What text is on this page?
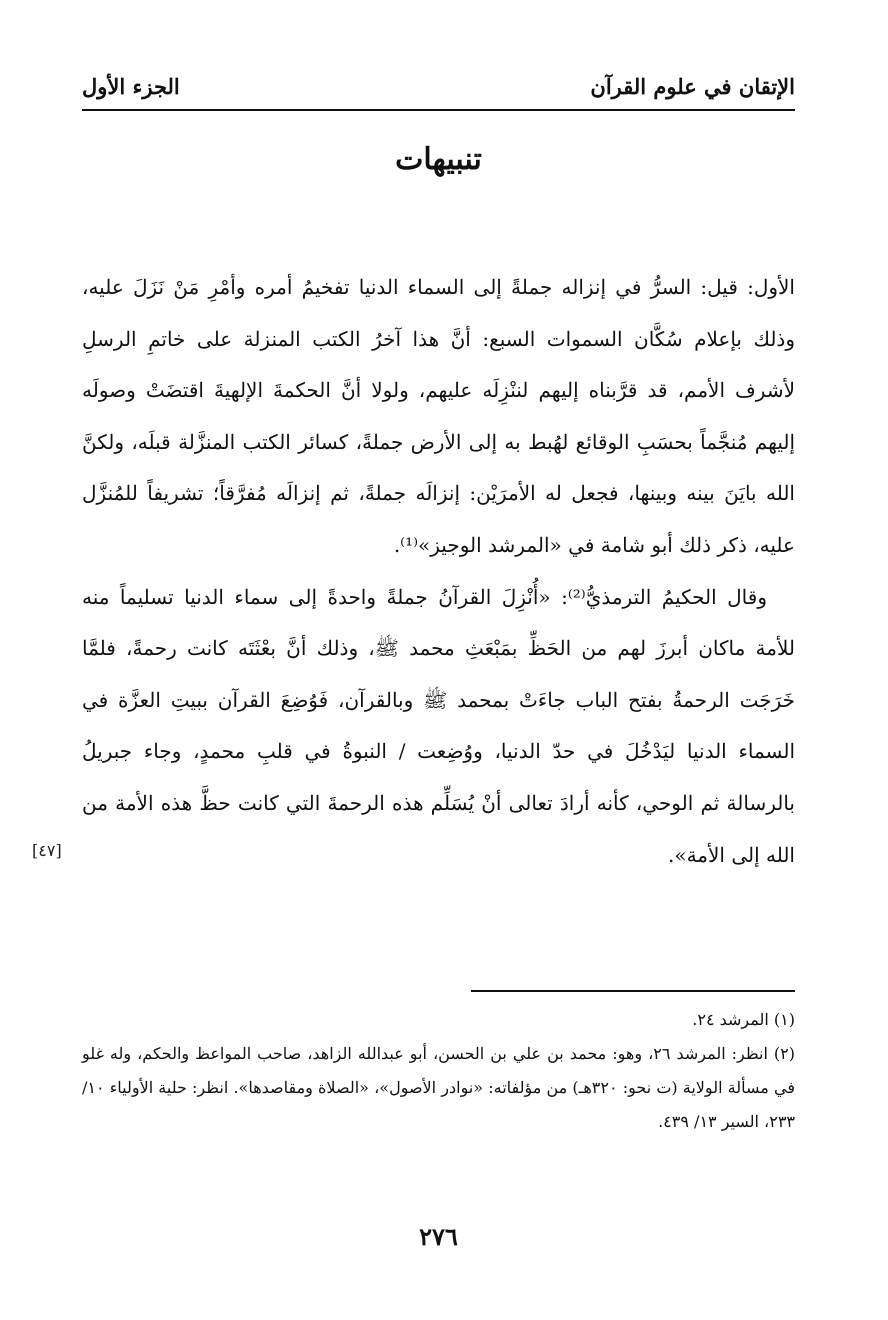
الإتقان في علوم القرآن
الجزء الأول
تنبيهات

الأول: قيل: السرُّ في إنزاله جملةً إلى السماء الدنيا تفخيمُ أمره وأمْرِ مَنْ نَزَلَ عليه، وذلك بإعلام سُكَّان السموات السبع: أنَّ هذا آخرُ الكتب المنزلة على خاتمِ الرسلِ لأشرف الأمم، قد قرَّبناه إليهم لننْزِلَه عليهم، ولولا أنَّ الحكمةَ الإلهيةَ اقتضَتْ وصولَه إليهم مُنجَّماً بحسَبِ الوقائع لهُبط به إلى الأرض جملةً، كسائر الكتب المنزَّلة قبلَه، ولكنَّ الله بايَنَ بينه وبينها، فجعل له الأمرَيْن: إنزالَه جملةً، ثم إنزالَه مُفرَّقاً؛ تشريفاً للمُنزَّل عليه، ذكر ذلك أبو شامة في «المرشد الوجيز»⁽¹⁾.

وقال الحكيمُ الترمذيُّ⁽²⁾: «أُنْزِلَ القرآنُ جملةً واحدةً إلى سماء الدنيا تسليماً منه للأمة ماكان أبرزَ لهم من الحَظِّ بمَبْعَثِ محمد ﷺ، وذلك أنَّ بعْثَتَه كانت رحمةً، فلمَّا خَرَجَت الرحمةُ بفتح الباب جاءَتْ بمحمد ﷺ وبالقرآن، فَوُضِعَ القرآن ببيتِ العزَّة في السماء الدنيا ليَدْخُلَ في حدّ الدنيا، ووُضِعت / النبوةُ في قلبِ محمدٍ، وجاء جبريلُ بالرسالة ثم الوحي، كأنه أرادَ تعالى أنْ يُسَلِّم هذه الرحمةَ التي كانت حظَّ هذه الأمة من الله إلى الأمة».

[٤٧]

(١) المرشد ٢٤.

(٢) انظر: المرشد ٢٦، وهو: محمد بن علي بن الحسن، أبو عبدالله الزاهد، صاحب المواعظ والحكم، وله غلو في مسألة الولاية (ت نحو: ٣٢٠هـ) من مؤلفاته: «نوادر الأصول»، «الصلاة ومقاصدها». انظر: حلية الأولياء ١٠/ ٢٣٣، السير ١٣/ ٤٣٩.

٢٧٦
